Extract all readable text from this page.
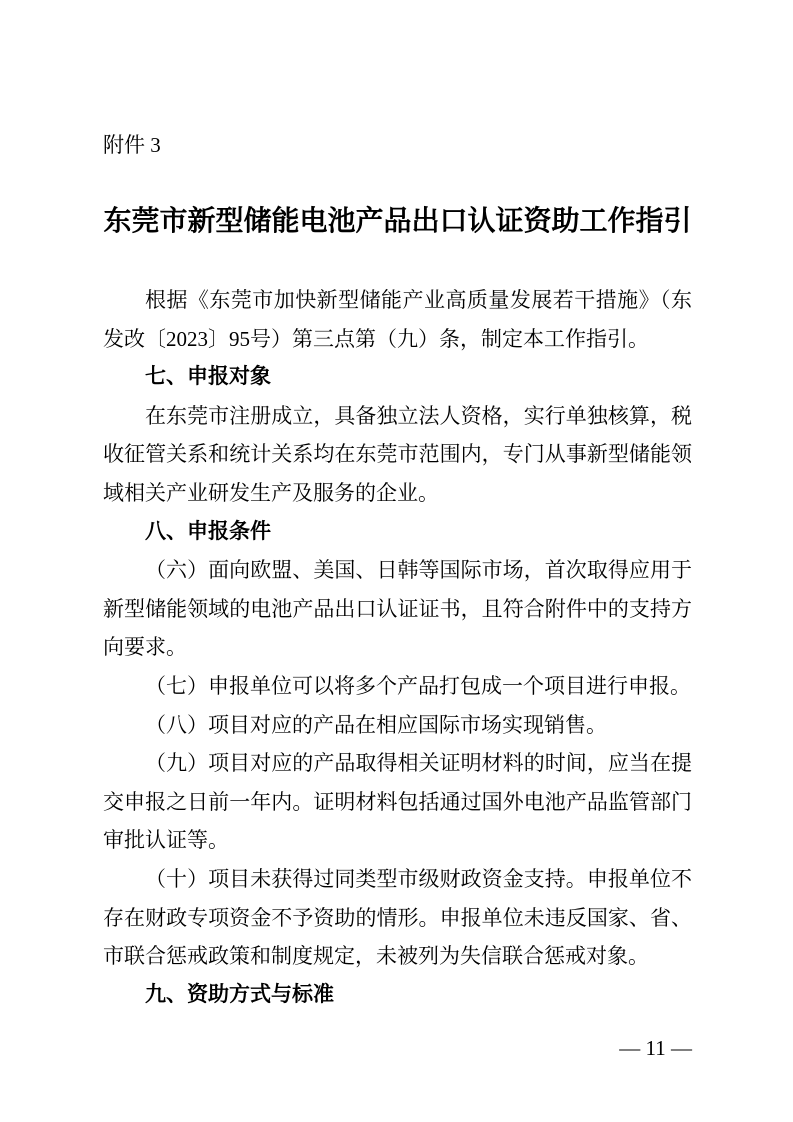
附件 3
东莞市新型储能电池产品出口认证资助工作指引

根据《东莞市加快新型储能产业高质量发展若干措施》（东发改〔2023〕95号）第三点第（九）条，制定本工作指引。

七、申报对象

在东莞市注册成立，具备独立法人资格，实行单独核算，税收征管关系和统计关系均在东莞市范围内，专门从事新型储能领域相关产业研发生产及服务的企业。

八、申报条件

（六）面向欧盟、美国、日韩等国际市场，首次取得应用于新型储能领域的电池产品出口认证证书，且符合附件中的支持方向要求。

（七）申报单位可以将多个产品打包成一个项目进行申报。

（八）项目对应的产品在相应国际市场实现销售。

（九）项目对应的产品取得相关证明材料的时间，应当在提交申报之日前一年内。证明材料包括通过国外电池产品监管部门审批认证等。

（十）项目未获得过同类型市级财政资金支持。申报单位不存在财政专项资金不予资助的情形。申报单位未违反国家、省、市联合惩戒政策和制度规定，未被列为失信联合惩戒对象。

九、资助方式与标准
— 11 —
